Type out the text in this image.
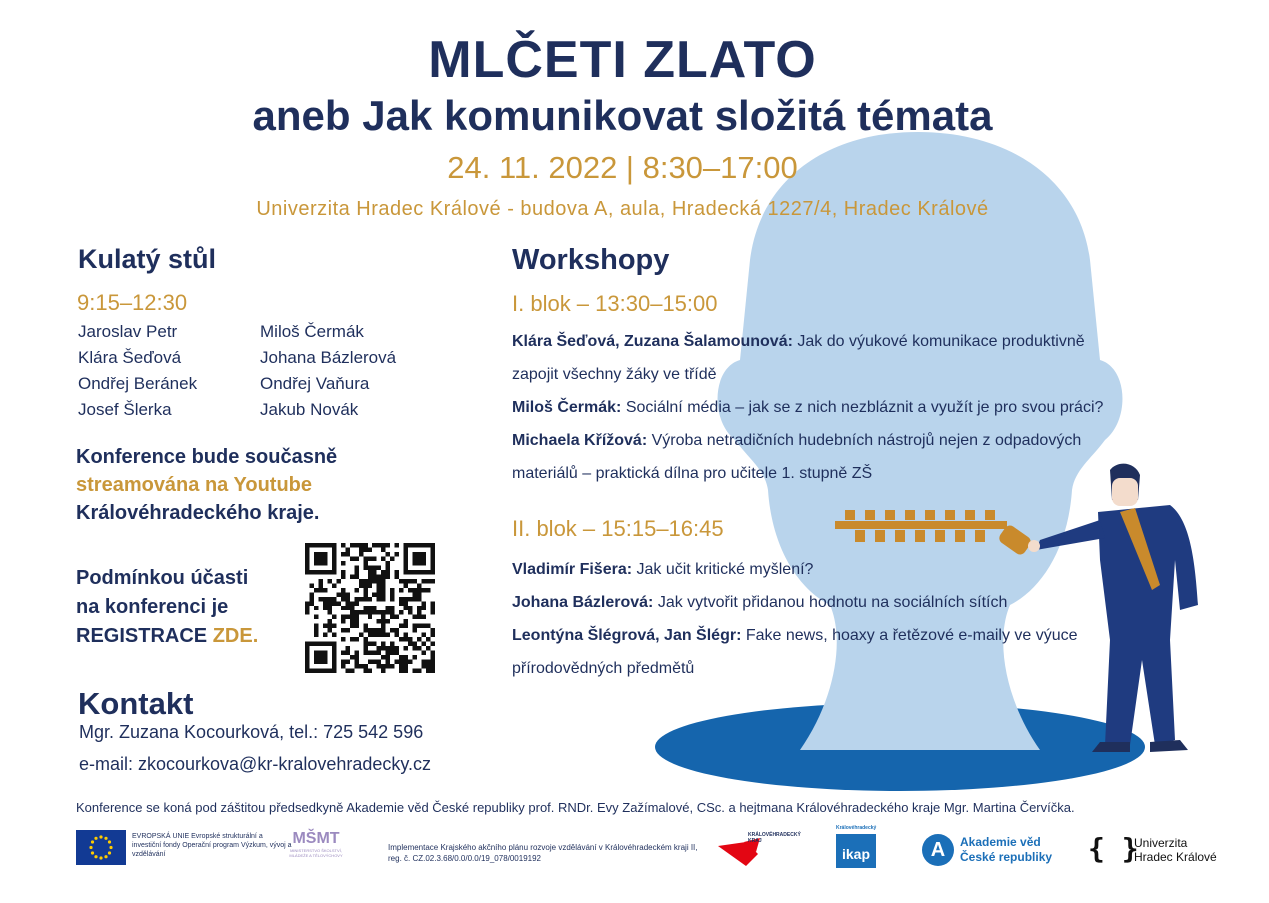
MLČETI ZLATO
aneb Jak komunikovat složitá témata
24. 11. 2022 | 8:30–17:00
Univerzita Hradec Králové - budova A, aula, Hradecká 1227/4, Hradec Králové
Kulatý stůl
9:15–12:30
Jaroslav Petr	Miloš Čermák
Klára Šeďová	Johana Bázlerová
Ondřej Beránek	Ondřej Vaňura
Josef Šlerka	Jakub Novák
Konference bude současně
streamována na Youtube
Královéhradeckého kraje.
Podmínkou účasti
na konferenci je
REGISTRACE ZDE.
Kontakt
Mgr. Zuzana Kocourková, tel.: 725 542 596
e-mail: zkocourkova@kr-kralovehradecky.cz
Workshopy
I. blok – 13:30–15:00
Klára Šeďová, Zuzana Šalamounová: Jak do výukové komunikace produktivně zapojit všechny žáky ve třídě
Miloš Čermák: Sociální média – jak se z nich nezbláznit a využít je pro svou práci?
Michaela Křížová: Výroba netradičních hudebních nástrojů nejen z odpadových materiálů – praktická dílna pro učitele 1. stupně ZŠ
II. blok – 15:15–16:45
Vladimír Fišera: Jak učit kritické myšlení?
Johana Bázlerová: Jak vytvořit přidanou hodnotu na sociálních sítích
Leontýna Šlégrová, Jan Šlégr: Fake news, hoaxy a řetězové e-maily ve výuce přírodovědných předmětů
Konference se koná pod záštitou předsedkyně Akademie věd České republiky prof. RNDr. Evy Zažímalové, CSc. a hejtmana Královéhradeckého kraje Mgr. Martina Červíčka.
EVROPSKÁ UNIE Evropské strukturální a investiční fondy Operační program Výzkum, vývoj a vzdělávání
MŠMT
MINISTERSTVO ŠKOLSTVÍ, MLÁDEŽE A TĚLOVÝCHOVY
Implementace Krajského akčního plánu rozvoje vzdělávání v Královéhradeckém kraji II, reg. č. CZ.02.3.68/0.0/0.0/19_078/0019192
KRÁLOVÉHRADECKÝ KRAJ
Královéhradecký
ikap	A	Akademie věd
České republiky { }
Univerzita
Hradec Králové
